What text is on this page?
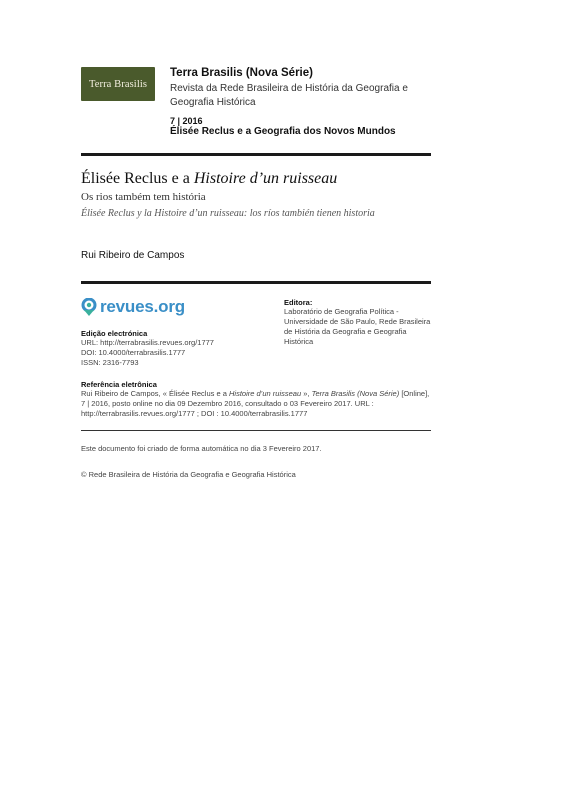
Terra Brasilis
Terra Brasilis (Nova Série)
Revista da Rede Brasileira de História da Geografia e Geografia Histórica
7 | 2016
Élisée Reclus e a Geografia dos Novos Mundos
Élisée Reclus e a Histoire d’un ruisseau
Os rios também tem história
Élisée Reclus y la Histoire d’un ruisseau: los ríos también tienen historia
Rui Ribeiro de Campos
revues.org	Editora:
Laboratório de Geografia Política - Universidade de São Paulo, Rede Brasileira de História da Geografia e Geografia Histórica
Edição electrónica
URL: http://terrabrasilis.revues.org/1777
DOI: 10.4000/terrabrasilis.1777
ISSN: 2316-7793
Referência eletrônica
Rui Ribeiro de Campos, « Élisée Reclus e a Histoire d’un ruisseau », Terra Brasilis (Nova Série) [Online], 7 | 2016, posto online no dia 09 Dezembro 2016, consultado o 03 Fevereiro 2017. URL : http://terrabrasilis.revues.org/1777 ; DOI : 10.4000/terrabrasilis.1777
Este documento foi criado de forma automática no dia 3 Fevereiro 2017.
© Rede Brasileira de História da Geografia e Geografia Histórica
